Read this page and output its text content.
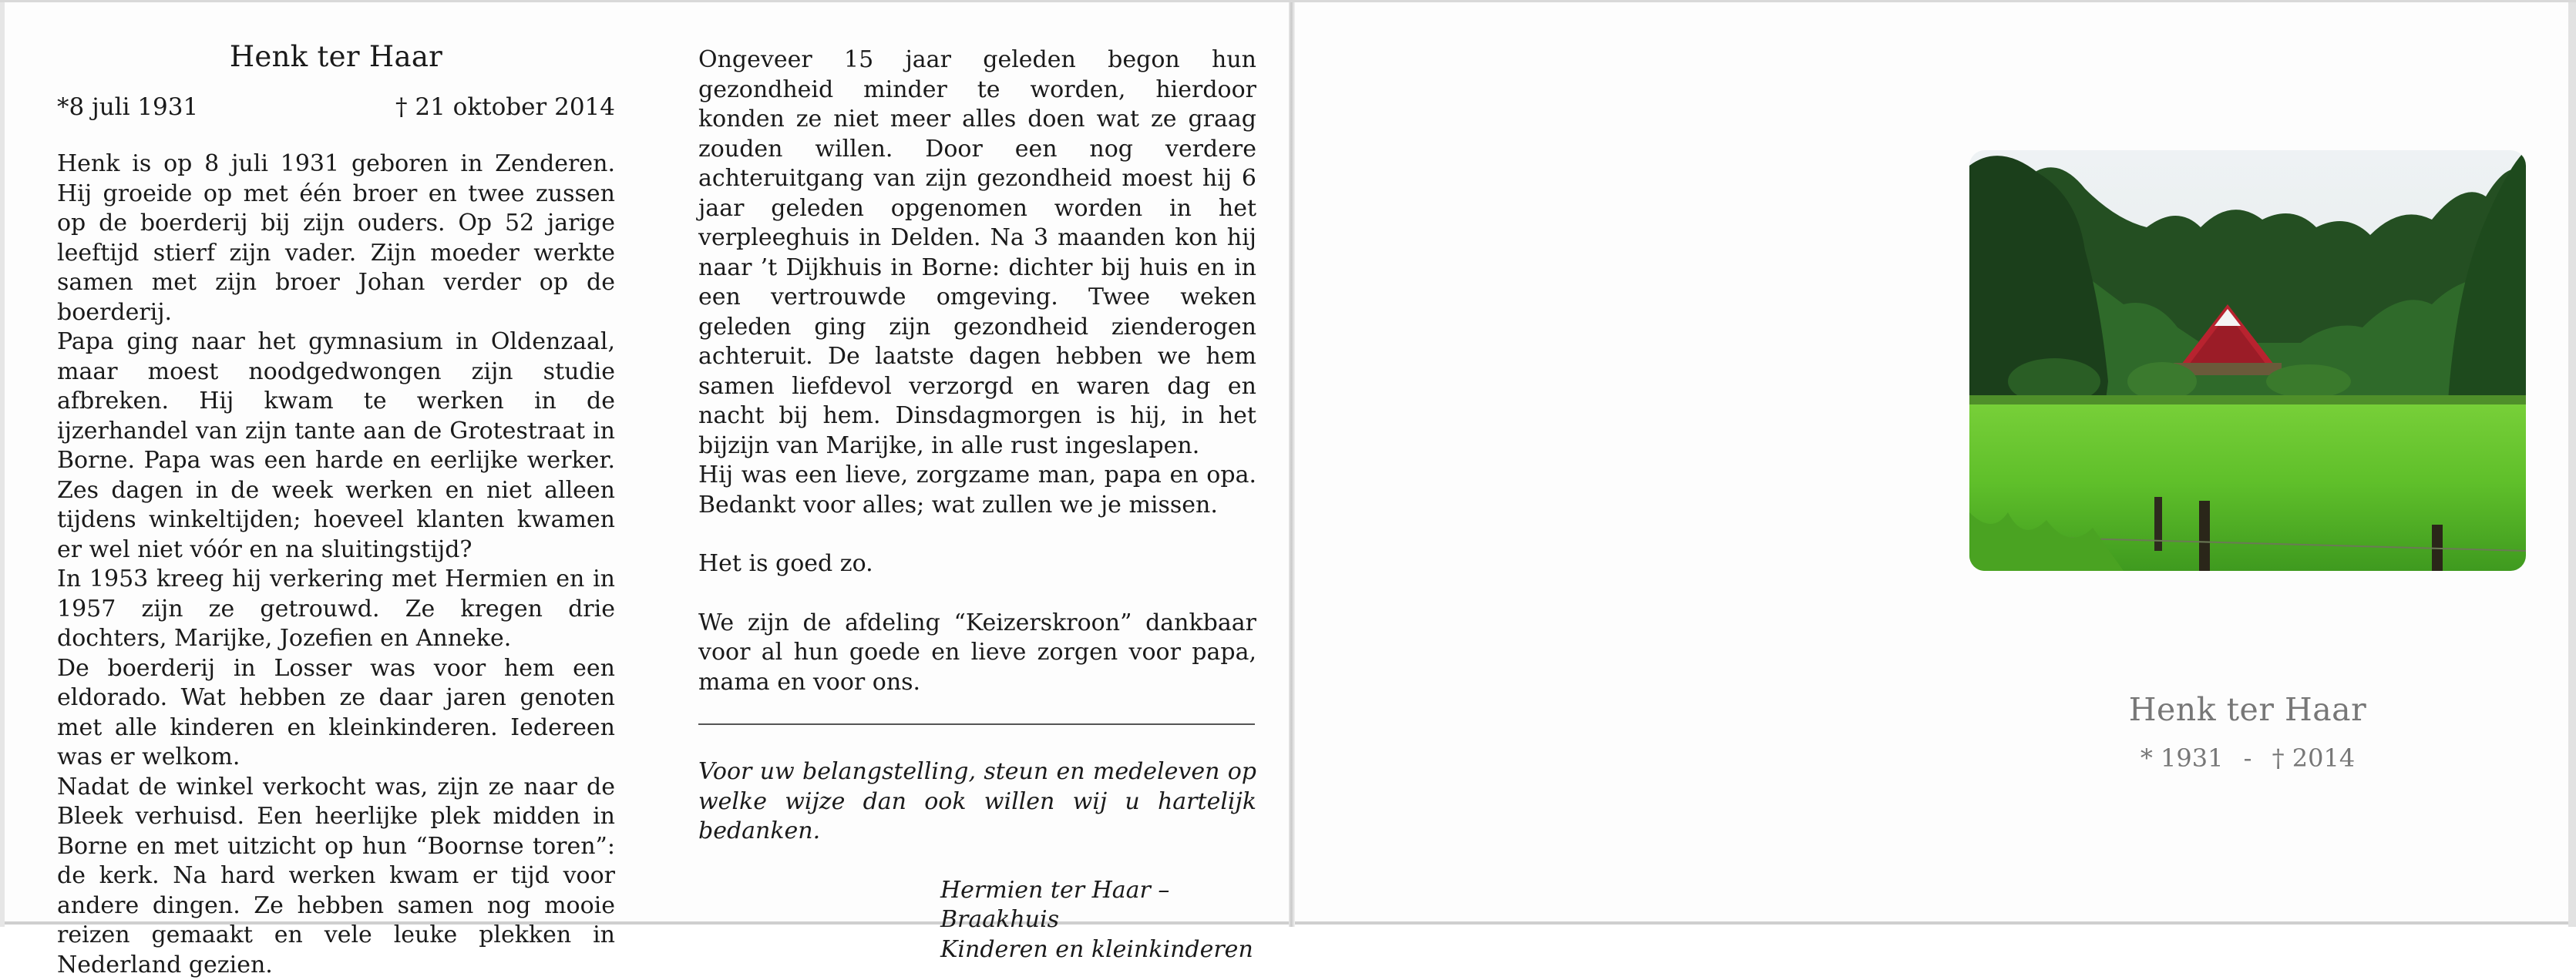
Henk ter Haar

*8 juli 1931	† 21 oktober 2014

Henk is op 8 juli 1931 geboren in Zenderen. Hij groeide op met één broer en twee zussen op de boerderij bij zijn ouders. Op 52 jarige leeftijd stierf zijn vader. Zijn moeder werkte samen met zijn broer Johan verder op de boerderij.

Papa ging naar het gymnasium in Oldenzaal, maar moest noodgedwongen zijn studie afbreken. Hij kwam te werken in de ijzerhandel van zijn tante aan de Grotestraat in Borne. Papa was een harde en eerlijke werker. Zes dagen in de week werken en niet alleen tijdens winkeltijden; hoeveel klanten kwamen er wel niet vóór en na sluitingstijd?

In 1953 kreeg hij verkering met Hermien en in 1957 zijn ze getrouwd. Ze kregen drie dochters, Marijke, Jozefien en Anneke.

De boerderij in Losser was voor hem een eldorado. Wat hebben ze daar jaren genoten met alle kinderen en kleinkinderen. Iedereen was er welkom.

Nadat de winkel verkocht was, zijn ze naar de Bleek verhuisd. Een heerlijke plek midden in Borne en met uitzicht op hun “Boornse toren”: de kerk. Na hard werken kwam er tijd voor andere dingen. Ze hebben samen nog mooie reizen gemaakt en vele leuke plekken in Nederland gezien.

Ongeveer 15 jaar geleden begon hun gezondheid minder te worden, hierdoor konden ze niet meer alles doen wat ze graag zouden willen. Door een nog verdere achteruitgang van zijn gezondheid moest hij 6 jaar geleden opgenomen worden in het verpleeghuis in Delden. Na 3 maanden kon hij naar ’t Dijkhuis in Borne: dichter bij huis en in een vertrouwde omgeving. Twee weken geleden ging zijn gezondheid zienderogen achteruit. De laatste dagen hebben we hem samen liefdevol verzorgd en waren dag en nacht bij hem. Dinsdagmorgen is hij, in het bijzijn van Marijke, in alle rust ingeslapen.

Hij was een lieve, zorgzame man, papa en opa. Bedankt voor alles; wat zullen we je missen.

Het is goed zo.

We zijn de afdeling “Keizerskroon” dankbaar voor al hun goede en lieve zorgen voor papa, mama en voor ons.

Voor uw belangstelling, steun en medeleven op welke wijze dan ook willen wij u hartelijk bedanken.

Hermien ter Haar – Braakhuis

Kinderen en kleinkinderen

Henk ter Haar
* 1931 - † 2014
